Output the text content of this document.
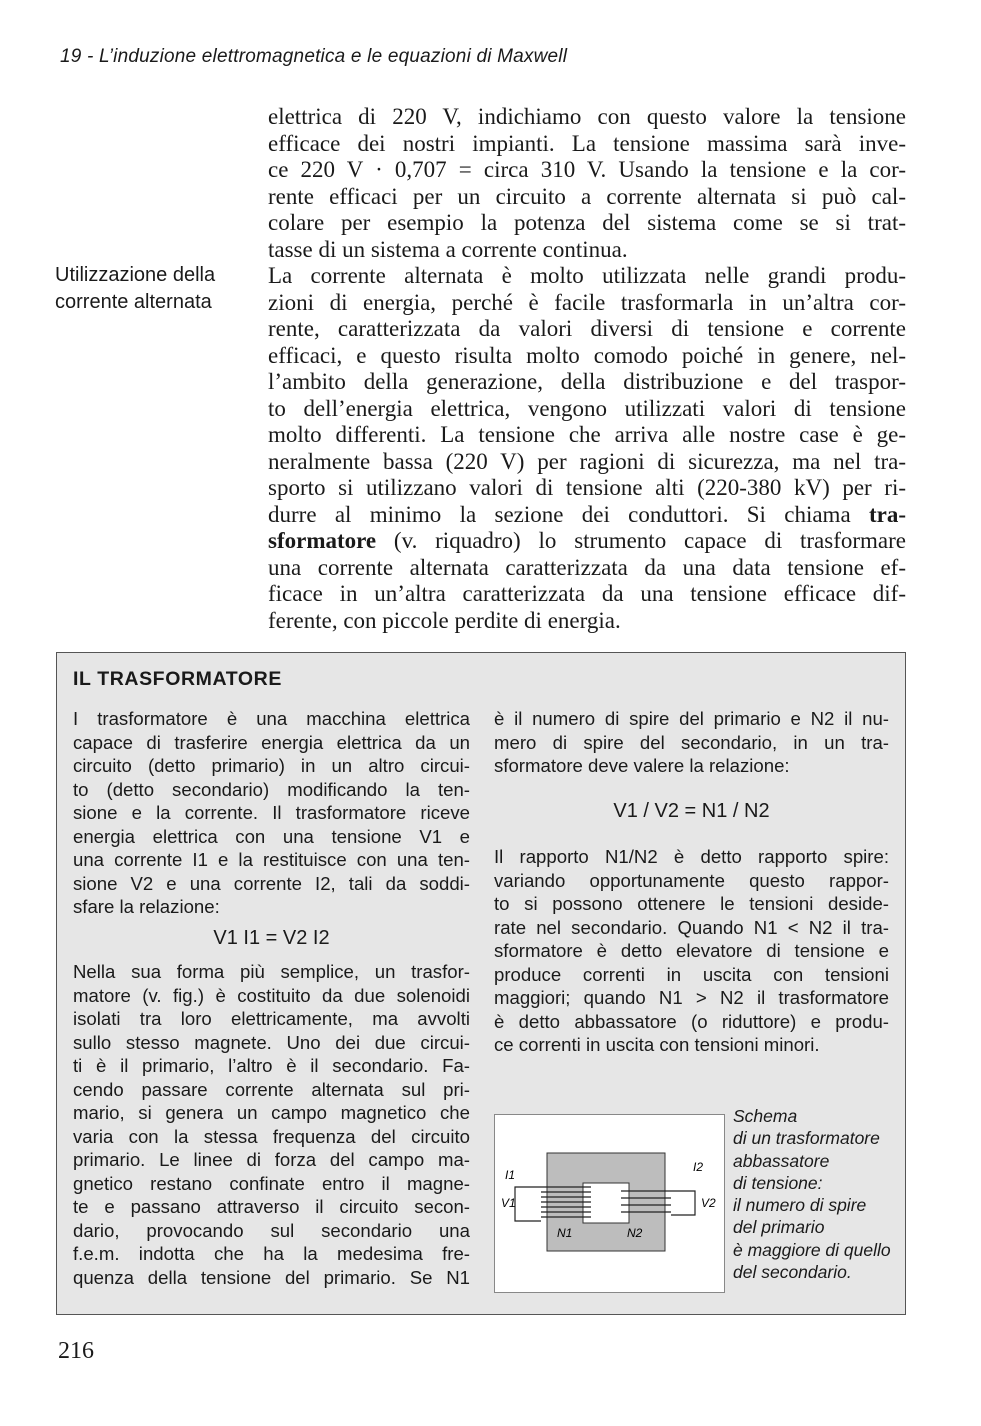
19 - L’induzione elettromagnetica e le equazioni di Maxwell
Utilizzazione della
corrente alternata
elettrica di 220 V, indichiamo con questo valore la tensione
efficace dei nostri impianti. La tensione massima sarà inve-
ce 220 V · 0,707 = circa 310 V. Usando la tensione e la cor-
rente efficaci per un circuito a corrente alternata si può cal-
colare per esempio la potenza del sistema come se si trat-
tasse di un sistema a corrente continua.
La corrente alternata è molto utilizzata nelle grandi produ-
zioni di energia, perché è facile trasformarla in un’altra cor-
rente, caratterizzata da valori diversi di tensione e corrente
efficaci, e questo risulta molto comodo poiché in genere, nel-
l’ambito della generazione, della distribuzione e del traspor-
to dell’energia elettrica, vengono utilizzati valori di tensione
molto differenti. La tensione che arriva alle nostre case è ge-
neralmente bassa (220 V) per ragioni di sicurezza, ma nel tra-
sporto si utilizzano valori di tensione alti (220-380 kV) per ri-
durre al minimo la sezione dei conduttori. Si chiama tra-
sformatore (v. riquadro) lo strumento capace di trasformare
una corrente alternata caratterizzata da una data tensione ef-
ficace in un’altra caratterizzata da una tensione efficace dif-
ferente, con piccole perdite di energia.
IL TRASFORMATORE
I trasformatore è una macchina elettrica
capace di trasferire energia elettrica da un
circuito (detto primario) in un altro circui-
to (detto secondario) modificando la ten-
sione e la corrente. Il trasformatore riceve
energia elettrica con una tensione V1 e
una corrente I1 e la restituisce con una ten-
sione V2 e una corrente I2, tali da soddi-
sfare la relazione:
V1 I1 = V2 I2
Nella sua forma più semplice, un trasfor-
matore (v. fig.) è costituito da due solenoidi
isolati tra loro elettricamente, ma avvolti
sullo stesso magnete. Uno dei due circui-
ti è il primario, l’altro è il secondario. Fa-
cendo passare corrente alternata sul pri-
mario, si genera un campo magnetico che
varia con la stessa frequenza del circuito
primario. Le linee di forza del campo ma-
gnetico restano confinate entro il magne-
te e passano attraverso il circuito secon-
dario, provocando sul secondario una
f.e.m. indotta che ha la medesima fre-
quenza della tensione del primario. Se N1
è il numero di spire del primario e N2 il nu-
mero di spire del secondario, in un tra-
sformatore deve valere la relazione:
V1 / V2 = N1 / N2
Il rapporto N1/N2 è detto rapporto spire:
variando opportunamente questo rappor-
to si possono ottenere le tensioni deside-
rate nel secondario. Quando N1 < N2 il tra-
sformatore è detto elevatore di tensione e
produce correnti in uscita con tensioni
maggiori; quando N1 > N2 il trasformatore
è detto abbassatore (o riduttore) e produ-
ce correnti in uscita con tensioni minori.
I1
V1
I2
V2
N1	N2
Schema
di un trasformatore
abbassatore
di tensione:
il numero di spire
del primario
è maggiore di quello
del secondario.
216
